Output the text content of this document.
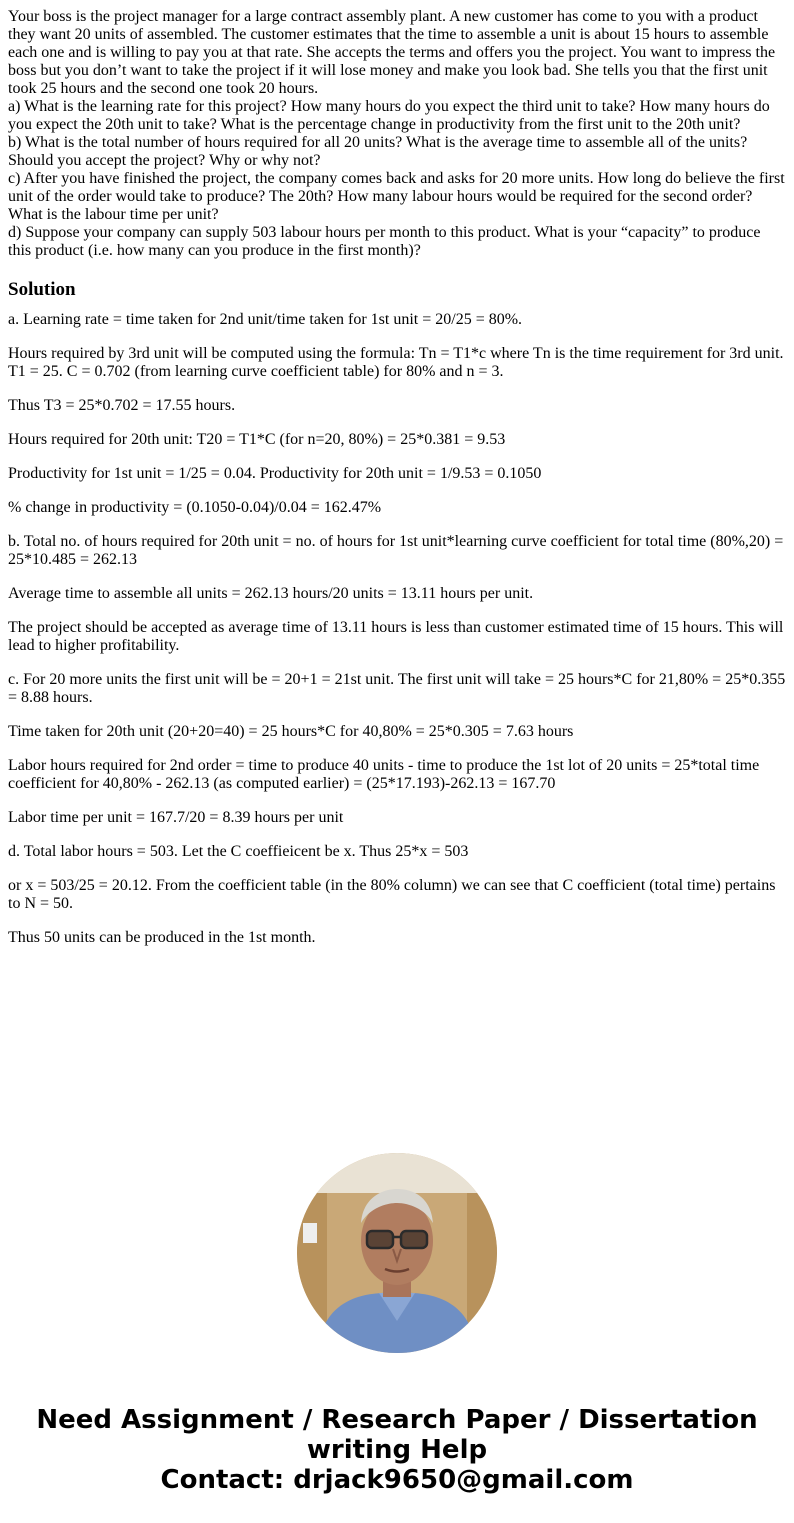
Your boss is the project manager for a large contract assembly plant. A new customer has come to you with a product they want 20 units of assembled. The customer estimates that the time to assemble a unit is about 15 hours to assemble each one and is willing to pay you at that rate. She accepts the terms and offers you the project. You want to impress the boss but you don’t want to take the project if it will lose money and make you look bad. She tells you that the first unit took 25 hours and the second one took 20 hours.

a) What is the learning rate for this project? How many hours do you expect the third unit to take? How many hours do you expect the 20th unit to take? What is the percentage change in productivity from the first unit to the 20th unit?

b) What is the total number of hours required for all 20 units? What is the average time to assemble all of the units? Should you accept the project? Why or why not?

c) After you have finished the project, the company comes back and asks for 20 more units. How long do believe the first unit of the order would take to produce? The 20th? How many labour hours would be required for the second order? What is the labour time per unit?

d) Suppose your company can supply 503 labour hours per month to this product. What is your “capacity” to produce this product (i.e. how many can you produce in the first month)?

Solution

a. Learning rate = time taken for 2nd unit/time taken for 1st unit = 20/25 = 80%.

Hours required by 3rd unit will be computed using the formula: Tn = T1*c where Tn is the time requirement for 3rd unit. T1 = 25. C = 0.702 (from learning curve coefficient table) for 80% and n = 3.

Thus T3 = 25*0.702 = 17.55 hours.

Hours required for 20th unit: T20 = T1*C (for n=20, 80%) = 25*0.381 = 9.53

Productivity for 1st unit = 1/25 = 0.04. Productivity for 20th unit = 1/9.53 = 0.1050

% change in productivity = (0.1050-0.04)/0.04 = 162.47%

b. Total no. of hours required for 20th unit = no. of hours for 1st unit*learning curve coefficient for total time (80%,20) = 25*10.485 = 262.13

Average time to assemble all units = 262.13 hours/20 units = 13.11 hours per unit.

The project should be accepted as average time of 13.11 hours is less than customer estimated time of 15 hours. This will lead to higher profitability.

c. For 20 more units the first unit will be = 20+1 = 21st unit. The first unit will take = 25 hours*C for 21,80% = 25*0.355 = 8.88 hours.

Time taken for 20th unit (20+20=40) = 25 hours*C for 40,80% = 25*0.305 = 7.63 hours

Labor hours required for 2nd order = time to produce 40 units - time to produce the 1st lot of 20 units = 25*total time coefficient for 40,80% - 262.13 (as computed earlier) = (25*17.193)-262.13 = 167.70

Labor time per unit = 167.7/20 = 8.39 hours per unit

d. Total labor hours = 503. Let the C coeffieicent be x. Thus 25*x = 503

or x = 503/25 = 20.12. From the coefficient table (in the 80% column) we can see that C coefficient (total time) pertains to N = 50.

Thus 50 units can be produced in the 1st month.

Need Assignment / Research Paper / Dissertation
writing Help
Contact: drjack9650@gmail.com
